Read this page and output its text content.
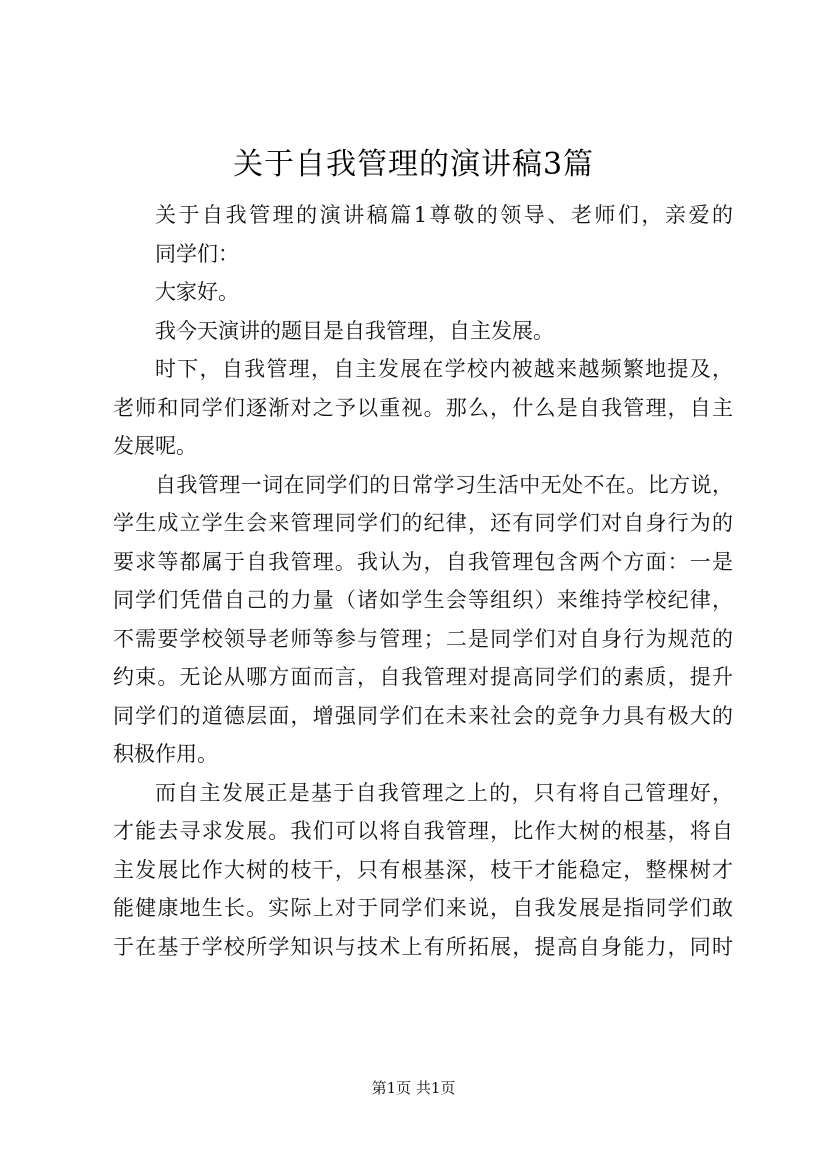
关于自我管理的演讲稿3篇
关于自我管理的演讲稿篇1尊敬的领导、老师们，亲爱的
同学们：
大家好。
我今天演讲的题目是自我管理，自主发展。
时下，自我管理，自主发展在学校内被越来越频繁地提及，
老师和同学们逐渐对之予以重视。那么，什么是自我管理，自主
发展呢。
自我管理一词在同学们的日常学习生活中无处不在。比方说，
学生成立学生会来管理同学们的纪律，还有同学们对自身行为的
要求等都属于自我管理。我认为，自我管理包含两个方面：一是
同学们凭借自己的力量（诸如学生会等组织）来维持学校纪律，
不需要学校领导老师等参与管理；二是同学们对自身行为规范的
约束。无论从哪方面而言，自我管理对提高同学们的素质，提升
同学们的道德层面，增强同学们在未来社会的竞争力具有极大的
积极作用。
而自主发展正是基于自我管理之上的，只有将自己管理好，
才能去寻求发展。我们可以将自我管理，比作大树的根基，将自
主发展比作大树的枝干，只有根基深，枝干才能稳定，整棵树才
能健康地生长。实际上对于同学们来说，自我发展是指同学们敢
于在基于学校所学知识与技术上有所拓展，提高自身能力，同时
第1页 共1页
